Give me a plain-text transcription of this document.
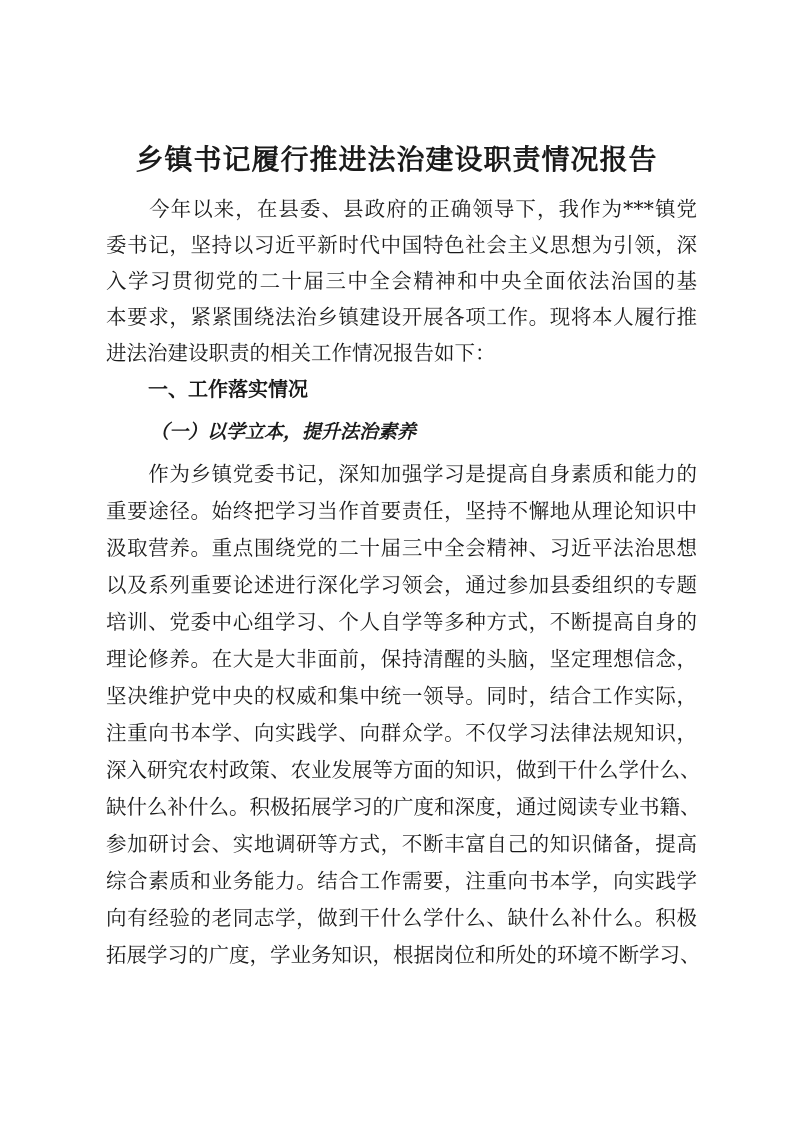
乡镇书记履行推进法治建设职责情况报告

　　今年以来，在县委、县政府的正确领导下，我作为***镇党

委书记，坚持以习近平新时代中国特色社会主义思想为引领，深

入学习贯彻党的二十届三中全会精神和中央全面依法治国的基

本要求，紧紧围绕法治乡镇建设开展各项工作。现将本人履行推

进法治建设职责的相关工作情况报告如下：

一、工作落实情况
（一）以学立本，提升法治素养

　　作为乡镇党委书记，深知加强学习是提高自身素质和能力的

重要途径。始终把学习当作首要责任，坚持不懈地从理论知识中

汲取营养。重点围绕党的二十届三中全会精神、习近平法治思想

以及系列重要论述进行深化学习领会，通过参加县委组织的专题

培训、党委中心组学习、个人自学等多种方式，不断提高自身的

理论修养。在大是大非面前，保持清醒的头脑，坚定理想信念，

坚决维护党中央的权威和集中统一领导。同时，结合工作实际，

注重向书本学、向实践学、向群众学。不仅学习法律法规知识，

深入研究农村政策、农业发展等方面的知识，做到干什么学什么、

缺什么补什么。积极拓展学习的广度和深度，通过阅读专业书籍、

参加研讨会、实地调研等方式，不断丰富自己的知识储备，提高

综合素质和业务能力。结合工作需要，注重向书本学，向实践学

向有经验的老同志学，做到干什么学什么、缺什么补什么。积极

拓展学习的广度，学业务知识，根据岗位和所处的环境不断学习、
